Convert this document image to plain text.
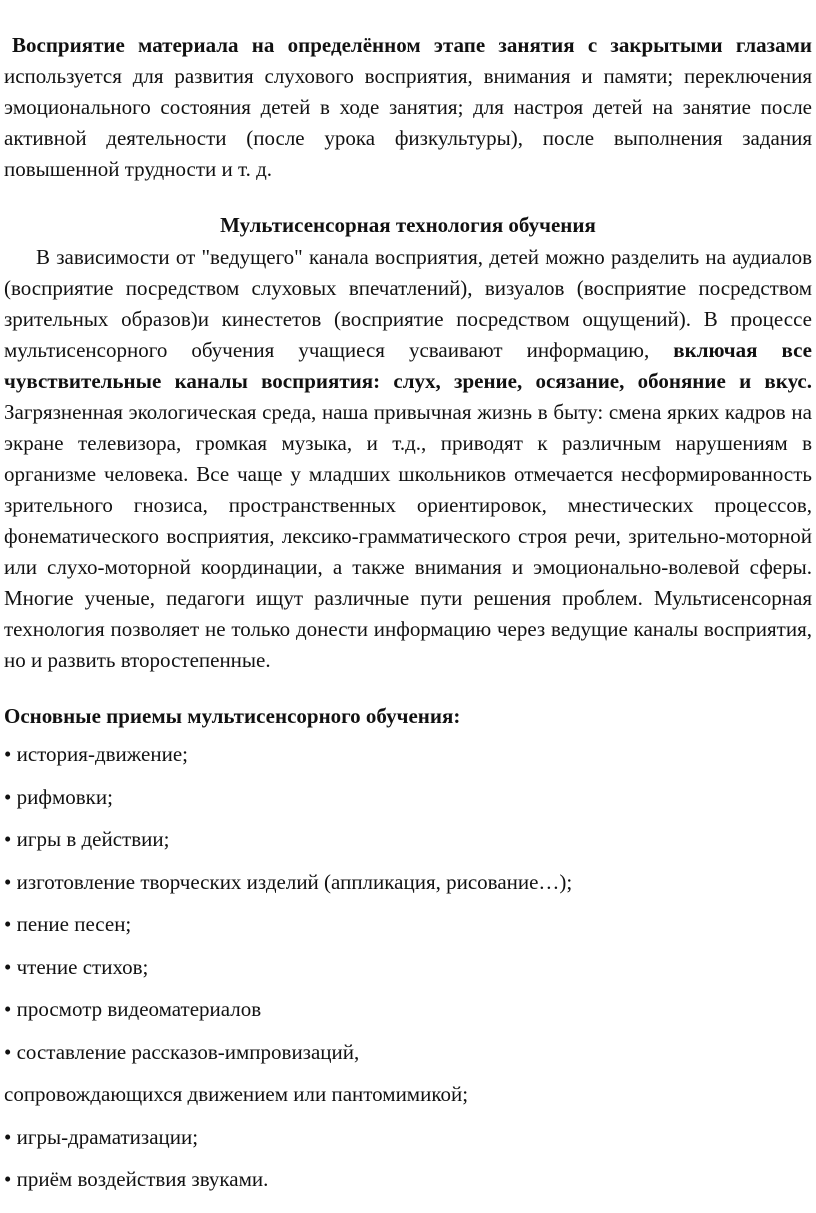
Восприятие материала на определённом этапе занятия с закрытыми глазами используется для развития слухового восприятия, внимания и памяти; переключения эмоционального состояния детей в ходе занятия; для настроя детей на занятие после активной деятельности (после урока физкультуры), после выполнения задания повышенной трудности и т. д.

Мультисенсорная технология обучения

В зависимости от "ведущего" канала восприятия, детей можно разделить на аудиалов (восприятие посредством слуховых впечатлений), визуалов (восприятие посредством зрительных образов)и кинестетов (восприятие посредством ощущений). В процессе мультисенсорного обучения учащиеся усваивают информацию, включая все чувствительные каналы восприятия: слух, зрение, осязание, обоняние и вкус. Загрязненная экологическая среда, наша привычная жизнь в быту: смена ярких кадров на экране телевизора, громкая музыка, и т.д., приводят к различным нарушениям в организме человека. Все чаще у младших школьников отмечается несформированность зрительного гнозиса, пространственных ориентировок, мнестических процессов, фонематического восприятия, лексико-грамматического строя речи, зрительно-моторной или слухо-моторной координации, а также внимания и эмоционально-волевой сферы. Многие ученые, педагоги ищут различные пути решения проблем. Мультисенсорная технология позволяет не только донести информацию через ведущие каналы восприятия, но и развить второстепенные.

Основные приемы мультисенсорного обучения:

• история-движение;
• рифмовки;
• игры в действии;
• изготовление творческих изделий (аппликация, рисование…);
• пение песен;
• чтение стихов;
• просмотр видеоматериалов
• составление рассказов-импровизаций,
сопровождающихся движением или пантомимикой;
• игры-драматизации;
• приём воздействия звуками.
